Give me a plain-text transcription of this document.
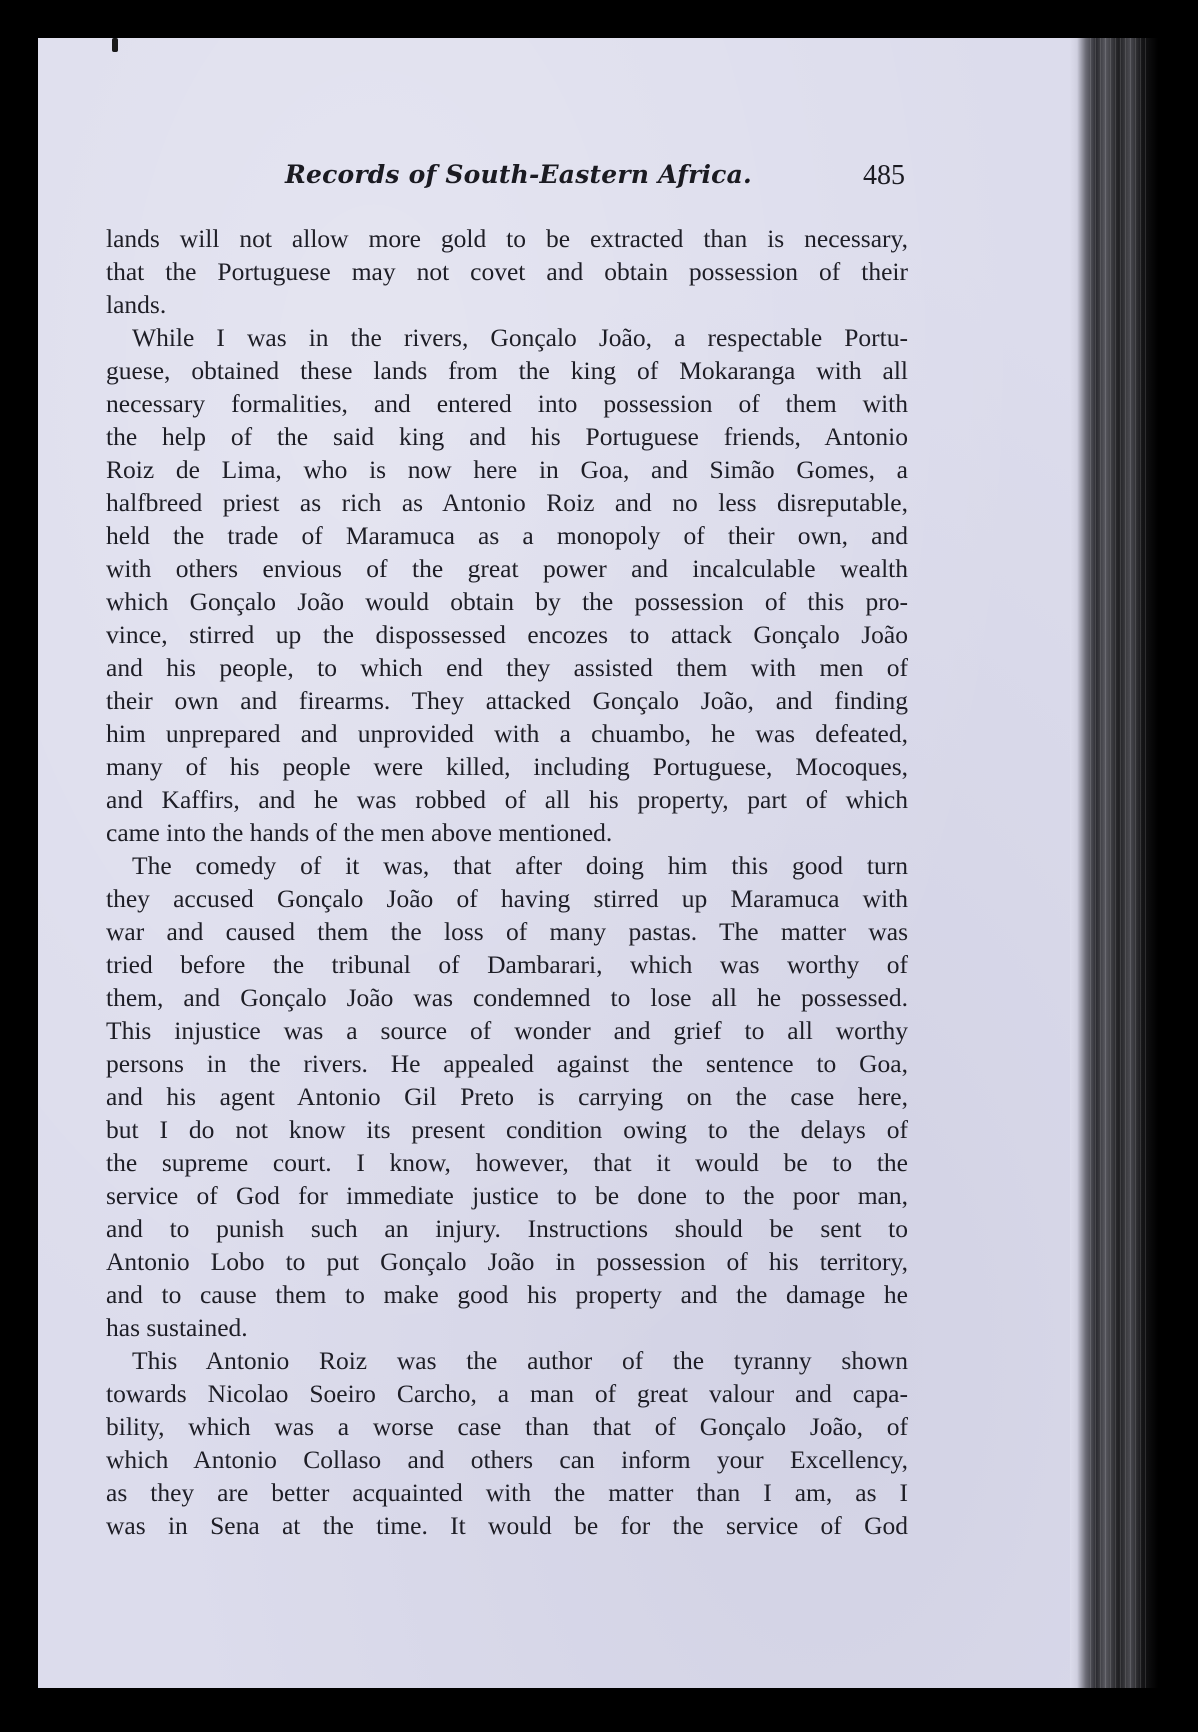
Records of South-Eastern Africa.	485
lands will not allow more gold to be extracted than is necessary,
that the Portuguese may not covet and obtain possession of their
lands.
While I was in the rivers, Gonçalo João, a respectable Portu-
guese, obtained these lands from the king of Mokaranga with all
necessary formalities, and entered into possession of them with
the help of the said king and his Portuguese friends, Antonio
Roiz de Lima, who is now here in Goa, and Simão Gomes, a
halfbreed priest as rich as Antonio Roiz and no less disreputable,
held the trade of Maramuca as a monopoly of their own, and
with others envious of the great power and incalculable wealth
which Gonçalo João would obtain by the possession of this pro-
vince, stirred up the dispossessed encozes to attack Gonçalo João
and his people, to which end they assisted them with men of
their own and firearms. They attacked Gonçalo João, and finding
him unprepared and unprovided with a chuambo, he was defeated,
many of his people were killed, including Portuguese, Mocoques,
and Kaffirs, and he was robbed of all his property, part of which
came into the hands of the men above mentioned.
The comedy of it was, that after doing him this good turn
they accused Gonçalo João of having stirred up Maramuca with
war and caused them the loss of many pastas. The matter was
tried before the tribunal of Dambarari, which was worthy of
them, and Gonçalo João was condemned to lose all he possessed.
This injustice was a source of wonder and grief to all worthy
persons in the rivers. He appealed against the sentence to Goa,
and his agent Antonio Gil Preto is carrying on the case here,
but I do not know its present condition owing to the delays of
the supreme court. I know, however, that it would be to the
service of God for immediate justice to be done to the poor man,
and to punish such an injury. Instructions should be sent to
Antonio Lobo to put Gonçalo João in possession of his territory,
and to cause them to make good his property and the damage he
has sustained.
This Antonio Roiz was the author of the tyranny shown
towards Nicolao Soeiro Carcho, a man of great valour and capa-
bility, which was a worse case than that of Gonçalo João, of
which Antonio Collaso and others can inform your Excellency,
as they are better acquainted with the matter than I am, as I
was in Sena at the time. It would be for the service of God
